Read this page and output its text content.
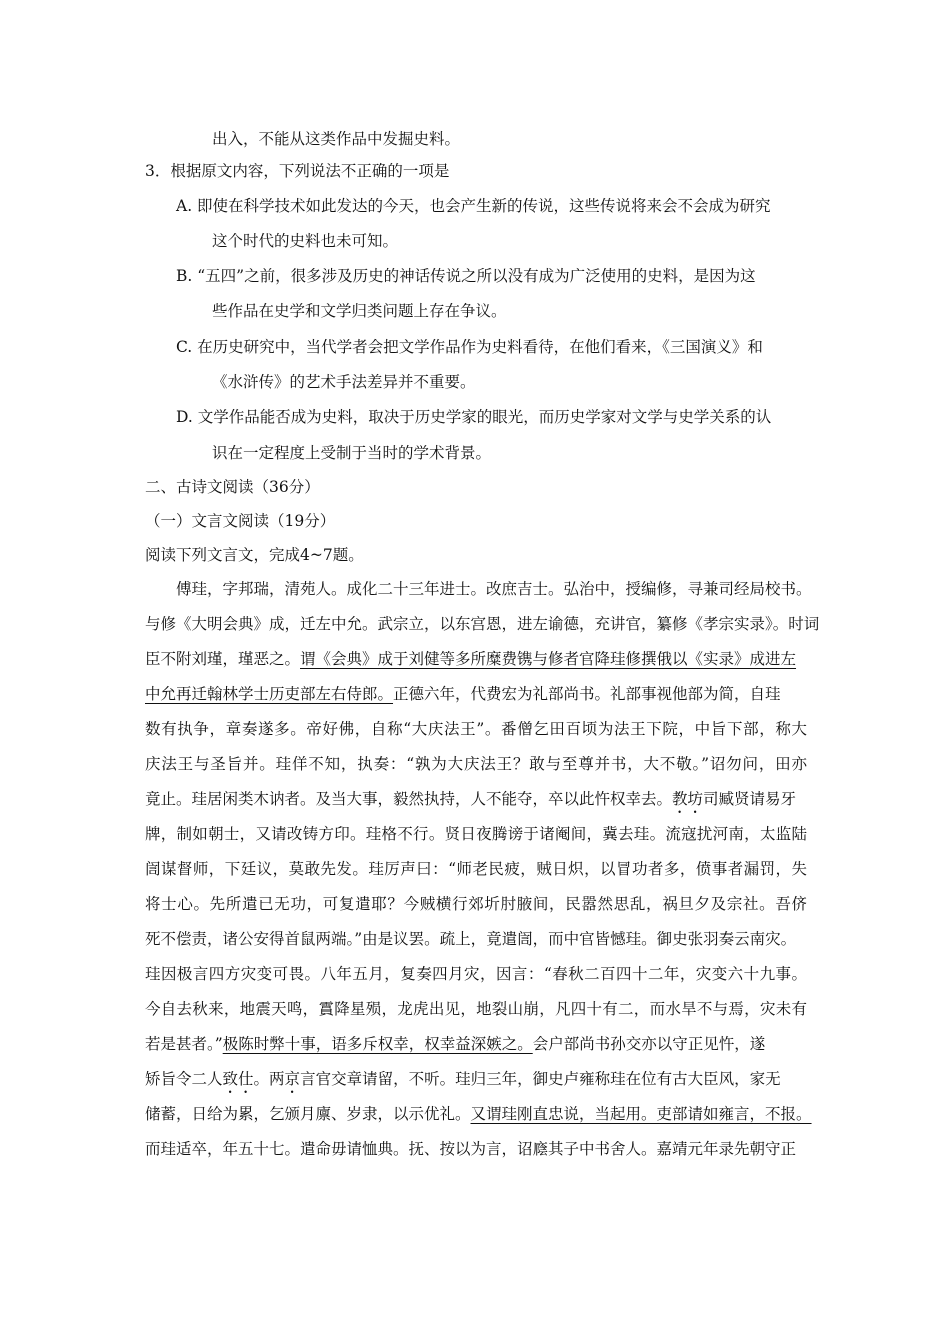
出入，不能从这类作品中发掘史料。
3．根据原文内容，下列说法不正确的一项是
A. 即使在科学技术如此发达的今天，也会产生新的传说，这些传说将来会不会成为研究
这个时代的史料也未可知。
B. “五四”之前，很多涉及历史的神话传说之所以没有成为广泛使用的史料，是因为这
些作品在史学和文学归类问题上存在争议。
C. 在历史研究中，当代学者会把文学作品作为史料看待，在他们看来，《三国演义》和
《水浒传》的艺术手法差异并不重要。
D. 文学作品能否成为史料，取决于历史学家的眼光，而历史学家对文学与史学关系的认
识在一定程度上受制于当时的学术背景。
二、古诗文阅读（36分）
（一）文言文阅读（19分）
阅读下列文言文，完成4~7题。
傅珪，字邦瑞，清苑人。成化二十三年进士。改庶吉士。弘治中，授编修，寻兼司经局校书。
与修《大明会典》成，迁左中允。武宗立，以东宫恩，进左谕德，充讲官，纂修《孝宗实录》。时词
臣不附刘瑾，瑾恶之。谓《会典》成于刘健等多所糜费镌与修者官降珪修撰俄以《实录》成进左
中允再迁翰林学士历吏部左右侍郎。正德六年，代费宏为礼部尚书。礼部事视他部为简，自珪
数有执争，章奏遂多。帝好佛，自称“大庆法王”。番僧乞田百顷为法王下院，中旨下部，称大
庆法王与圣旨并。珪佯不知，执奏：“孰为大庆法王？敢与至尊并书，大不敬。”诏勿问，田亦
竟止。珪居闲类木讷者。及当大事，毅然执持，人不能夺，卒以此忤权幸去。教坊司臧贤请易牙
牌，制如朝士，又请改铸方印。珪格不行。贤日夜腾谤于诸阉间，冀去珪。流寇扰河南，太监陆
訚谋督师，下廷议，莫敢先发。珪厉声曰：“师老民疲，贼日炽，以冒功者多，偾事者漏罚，失
将士心。先所遣已无功，可复遣耶？今贼横行郊圻肘腋间，民嚣然思乱，祸旦夕及宗社。吾侪
死不偿责，诸公安得首鼠两端。”由是议罢。疏上，竟遣訚，而中官皆憾珪。御史张羽奏云南灾。
珪因极言四方灾变可畏。八年五月，复奏四月灾，因言：“春秋二百四十二年，灾变六十九事。
今自去秋来，地震天鸣，霣降星殒，龙虎出见，地裂山崩，凡四十有二，而水旱不与焉，灾未有
若是甚者。”极陈时弊十事，语多斥权幸，权幸益深嫉之。会户部尚书孙交亦以守正见忤，遂
矫旨令二人致仕。两京言官交章请留，不听。珪归三年，御史卢雍称珪在位有古大臣风，家无
储蓄，日给为累，乞颁月廪、岁隶，以示优礼。又谓珪刚直忠说，当起用。吏部请如雍言，不报。
而珪适卒，年五十七。遣命毋请恤典。抚、按以为言，诏廕其子中书舍人。嘉靖元年录先朝守正
